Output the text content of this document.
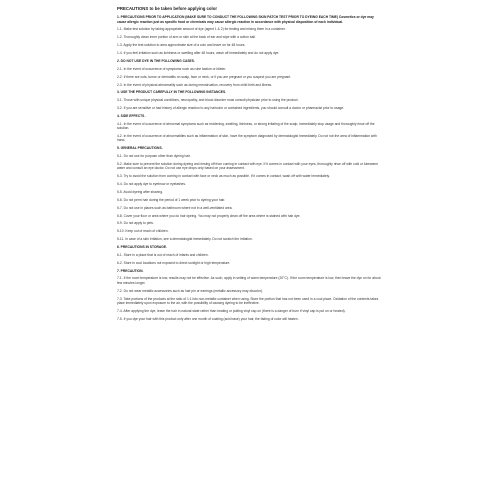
PRECAUTIONS to be taken before applying color
1. PRECAUTIONS PRIOR TO APPLICATION (MAKE SURE TO CONDUCT THE FOLLOWING SKIN PATCH TEST PRIOR TO DYEING EACH TIME) Cosmetics or dye may cause allergic reaction just as specific food or chemicals may cause allergic reaction in accordance with physical disposition of each individual.
1-1. Make test solution by taking appropriate amount of dye (agent 1 & 2) for testing and mixing them in a container.
1-2. Thoroughly clean inner portion of arm or skin at the back of ear and wipe with a cotton ball.
1-3. Apply the test solution to area approximate size of a coin and leave on for 48 hours.
1-4. If you feel irritation such as itchiness or swelling after 48 hours, wash off immediately and do not apply dye.
2. DO NOT USE DYE IN THE FOLLOWING CASES.
2-1. In the event of occurrence of symptoms such as rube faction or blister.
2-2. If there are cuts, tumor or dermatitis on scalp, face or neck, or if you are pregnant or you suspect you are pregnant.
2-3. In the event of physical abnormality such as during menstruation, recovery from child birth and illness.
3. USE THE PRODUCT CAREFULLY IN THE FOLLOWING INSTANCES.
3-1. Those with unique physical conditions, neuropathy, and blood disorder must consult physician prior to using the product.
3-2. If you are sensitive or had history of allergic reaction to any haircolor or contained ingredients, you should consult a doctor or pharmacist prior to usage.
4. SIDE EFFECTS .
4-1. In the event of occurrence of abnormal symptoms such as reddening, swelling, itchiness, or strong irritating of the scalp, immediately stop usage and thoroughly rinse off the solution.
4-2. In the event of occurrence of abnormalities such as inflammation of skin, have the symptom diagnosed by dermatologist immediately. Do not rub the area of inflammation with hand.
5. GENERAL PRECAUTIONS.
5-1. Do not use for purpose other than dyeing hair.
5-2. Make sure to prevent the solution during dyeing and rinsing off from coming in contact with eye. If it comes in contact with your eyes, thoroughly rinse off with cold or lukewarm water and consult an eye doctor. Do not use eye drops only based on your assessment.
5-3. Try to avoid the solution from coming in contact with face or neck as much as possible. If it comes in contact, wash off with water immediately.
5-4. Do not apply dye to eyebrow or eyelashes.
5-5. Avoid dyeing after shaving.
5-6. Do not perm hair during the period of 1 week prior to dyeing your hair.
5-7. Do not use in places such as bathroom where not in a well-ventilated area.
5-8. Cover your floor or area where you do hair dyeing. You may not properly clean off the area where is stained with hair dye.
5-9. Do not apply to pets.
5-10. Keep out of reach of children.
5-11. In case of a skin irritation, see a dermatologist immediately. Do not scratch the irritation.
6. PRECAUTIONS IN STORAGE.
6-1. Store in a place that is out of reach of infants and children.
6-2. Store in cool locations not exposed to direct sunlight or high temperature.
7. PRECAUTION.
7-1. If the room temperature is low, results may not be effective. As such, apply in setting of warm temperature (20°C). If the room temperature is low, then leave the dye on for about few minutes longer.
7-2. Do not wear metallic accessories such as hair pin or earrings (metallic accessory may discolor).
7-3. Take portions of the products at the ratio of 1:1 into non-metallic container when using. Store the portion that has not been used in a cool place. Oxidation of the contents takes place immediately upon exposure to the air, with the possibility of causing dyeing to be ineffective.
7-4. After applying the dye, leave the hair in natural state rather than heating or putting vinyl cap on (there is a danger of burn if vinyl cap is put on or heated).
7-5. If you dye your hair with this product only after one month of coating (acid base) your hair, the fading of color will hasten.
